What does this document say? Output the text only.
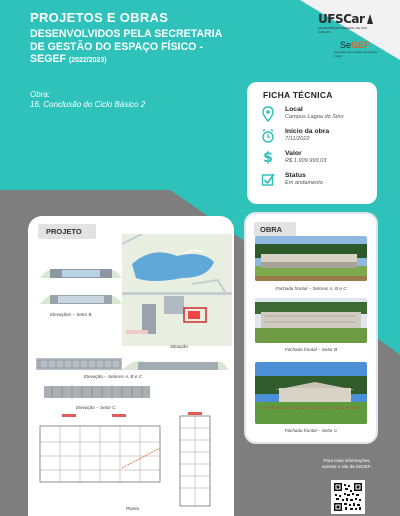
UFSCar
UNIVERSIDADE FEDERAL DE SÃO CARLOS
SeGEF
Secretaria de Gestão do Espaço Físico
PROJETOS E OBRAS
DESENVOLVIDOS PELA SECRETARIA
DE GESTÃO DO ESPAÇO FÍSICO -
SEGEF (2022/2023)
Obra:
16. Conclusão do Ciclo Básico 2
FICHA TÉCNICA
Local
Campus Lagoa do Sino
Início da obra
7/11/2022
$	Valor
R$ 1.909.999,03
Status
Em andamento
PROJETO
Elevações – Setor B
Situação
Elevação – Setores A, B e C
Elevação – Setor C
Planta
OBRA
Fachada frontal – Setores A, B e C
Fachada frontal – Setor B
Fachada frontal – Setor C
Para mais informações,
acesse o site da SeGEF:
